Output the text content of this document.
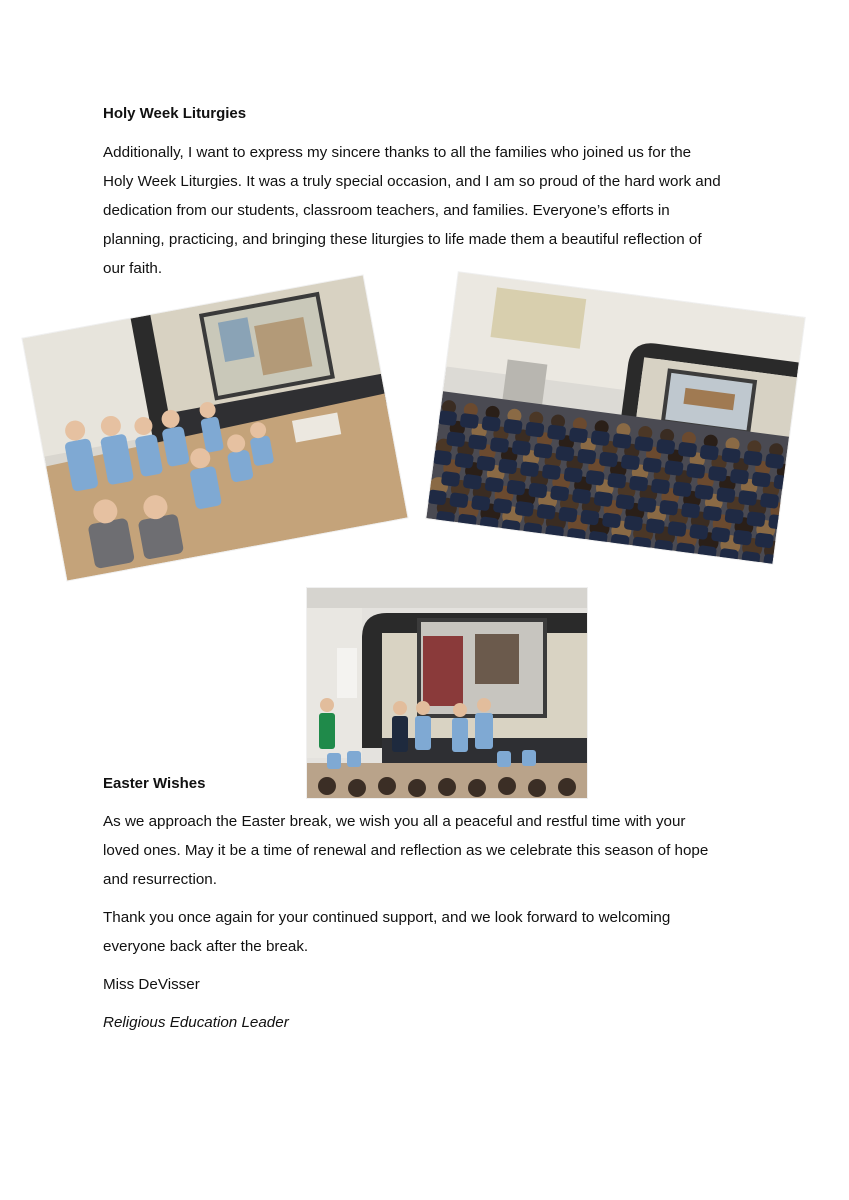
Holy Week Liturgies
Additionally, I want to express my sincere thanks to all the families who joined us for the
Holy Week Liturgies. It was a truly special occasion, and I am so proud of the hard work and
dedication from our students, classroom teachers, and families. Everyone’s efforts in
planning, practicing, and bringing these liturgies to life made them a beautiful reflection of
our faith.
Easter Wishes
As we approach the Easter break, we wish you all a peaceful and restful time with your
loved ones. May it be a time of renewal and reflection as we celebrate this season of hope
and resurrection.
Thank you once again for your continued support, and we look forward to welcoming
everyone back after the break.

Miss DeVisser

Religious Education Leader
